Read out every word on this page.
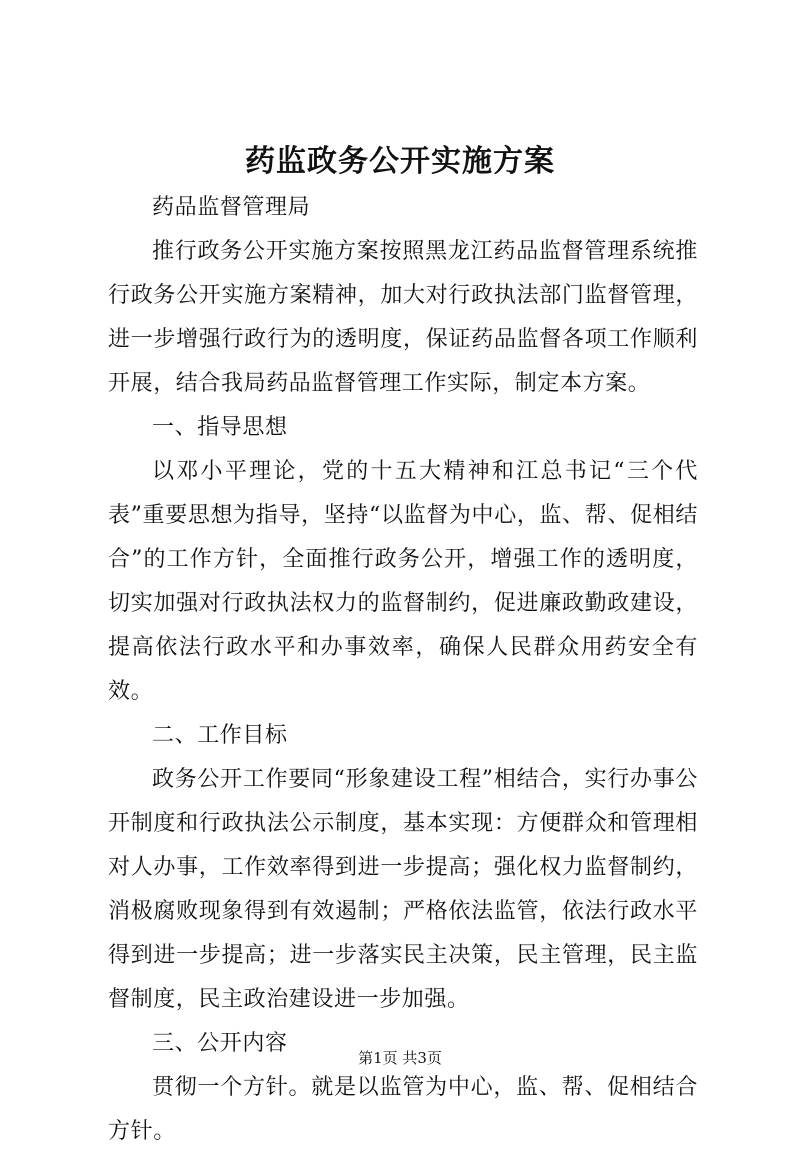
药监政务公开实施方案

药品监督管理局

推行政务公开实施方案按照黑龙江药品监督管理系统推行政务公开实施方案精神，加大对行政执法部门监督管理，进一步增强行政行为的透明度，保证药品监督各项工作顺利开展，结合我局药品监督管理工作实际，制定本方案。

一、指导思想

以邓小平理论，党的十五大精神和江总书记“三个代表”重要思想为指导，坚持“以监督为中心，监、帮、促相结合”的工作方针，全面推行政务公开，增强工作的透明度，切实加强对行政执法权力的监督制约，促进廉政勤政建设，提高依法行政水平和办事效率，确保人民群众用药安全有效。

二、工作目标

政务公开工作要同“形象建设工程”相结合，实行办事公开制度和行政执法公示制度，基本实现：方便群众和管理相对人办事，工作效率得到进一步提高；强化权力监督制约，消极腐败现象得到有效遏制；严格依法监管，依法行政水平得到进一步提高；进一步落实民主决策，民主管理，民主监督制度，民主政治建设进一步加强。

三、公开内容

贯彻一个方针。就是以监管为中心，监、帮、促相结合方针。

第1页 共3页
